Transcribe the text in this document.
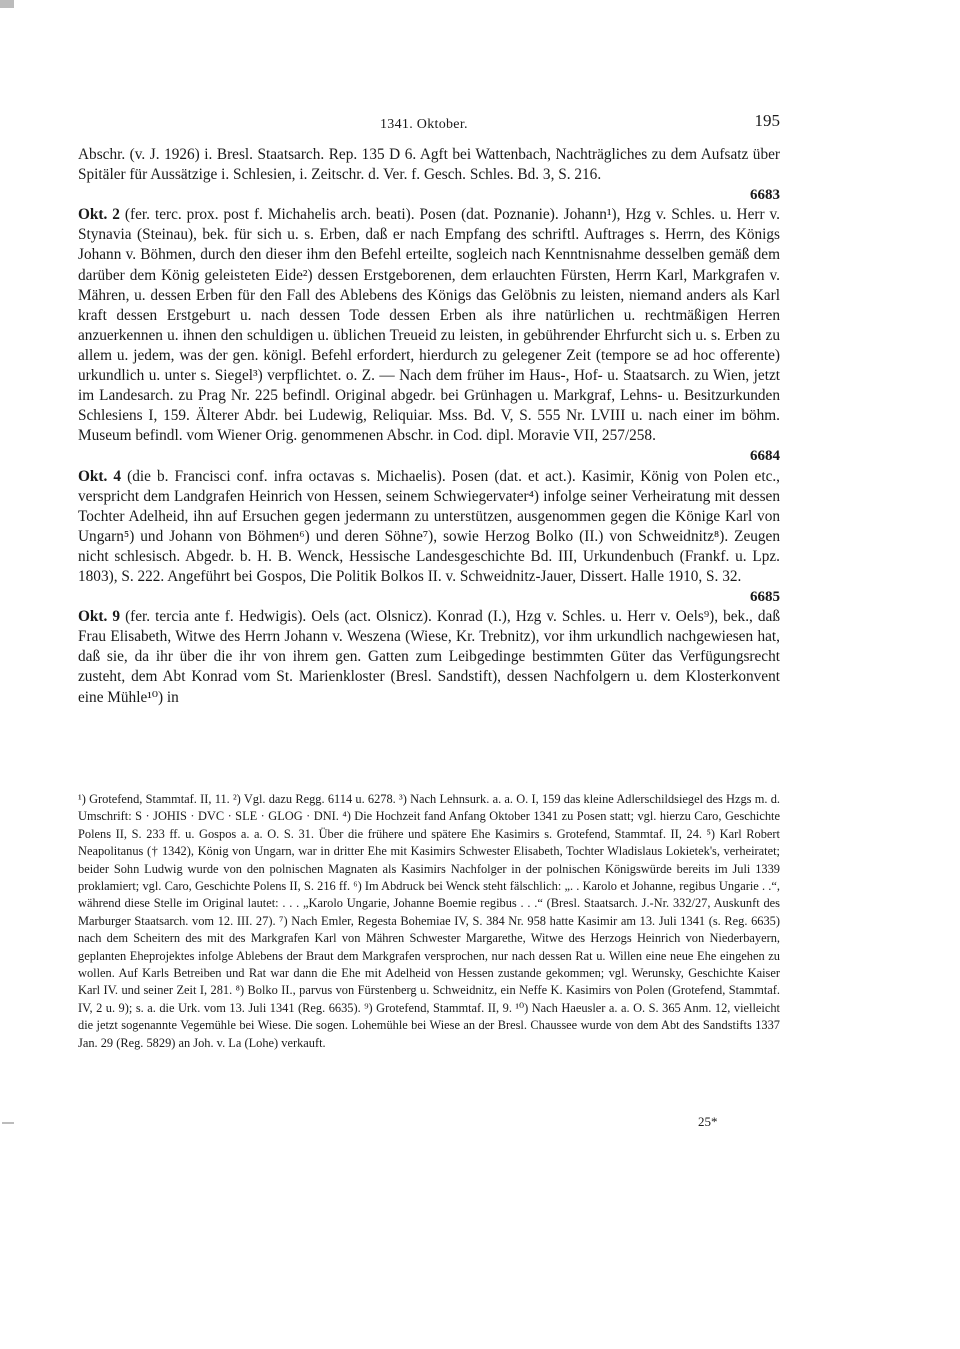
1341. Oktober.	195

Abschr. (v. J. 1926) i. Bresl. Staatsarch. Rep. 135 D 6. Agft bei Wattenbach, Nachträgliches zu dem Aufsatz über Spitäler für Aussätzige i. Schlesien, i. Zeitschr. d. Ver. f. Gesch. Schles. Bd. 3, S. 216.

6683

Okt. 2 (fer. terc. prox. post f. Michahelis arch. beati). Posen (dat. Poznanie). Johann¹), Hzg v. Schles. u. Herr v. Stynavia (Steinau), bek. für sich u. s. Erben, daß er nach Empfang des schriftl. Auftrages s. Herrn, des Königs Johann v. Böhmen, durch den dieser ihm den Befehl erteilte, sogleich nach Kenntnisnahme desselben gemäß dem darüber dem König geleisteten Eide²) dessen Erstgeborenen, dem erlauchten Fürsten, Herrn Karl, Markgrafen v. Mähren, u. dessen Erben für den Fall des Ablebens des Königs das Gelöbnis zu leisten, niemand anders als Karl kraft dessen Erstgeburt u. nach dessen Tode dessen Erben als ihre natürlichen u. rechtmäßigen Herren anzuerkennen u. ihnen den schuldigen u. üblichen Treueid zu leisten, in gebührender Ehrfurcht sich u. s. Erben zu allem u. jedem, was der gen. königl. Befehl erfordert, hierdurch zu gelegener Zeit (tempore se ad hoc offerente) urkundlich u. unter s. Siegel³) verpflichtet. o. Z. — Nach dem früher im Haus-, Hof- u. Staatsarch. zu Wien, jetzt im Landesarch. zu Prag Nr. 225 befindl. Original abgedr. bei Grünhagen u. Markgraf, Lehns- u. Besitzurkunden Schlesiens I, 159. Älterer Abdr. bei Ludewig, Reliquiar. Mss. Bd. V, S. 555 Nr. LVIII u. nach einer im böhm. Museum befindl. vom Wiener Orig. genommenen Abschr. in Cod. dipl. Moravie VII, 257/258.

6684

Okt. 4 (die b. Francisci conf. infra octavas s. Michaelis). Posen (dat. et act.). Kasimir, König von Polen etc., verspricht dem Landgrafen Heinrich von Hessen, seinem Schwiegervater⁴) infolge seiner Verheiratung mit dessen Tochter Adelheid, ihn auf Ersuchen gegen jedermann zu unterstützen, ausgenommen gegen die Könige Karl von Ungarn⁵) und Johann von Böhmen⁶) und deren Söhne⁷), sowie Herzog Bolko (II.) von Schweidnitz⁸). Zeugen nicht schlesisch. Abgedr. b. H. B. Wenck, Hessische Landesgeschichte Bd. III, Urkundenbuch (Frankf. u. Lpz. 1803), S. 222. Angeführt bei Gospos, Die Politik Bolkos II. v. Schweidnitz-Jauer, Dissert. Halle 1910, S. 32.

6685

Okt. 9 (fer. tercia ante f. Hedwigis). Oels (act. Olsnicz). Konrad (I.), Hzg v. Schles. u. Herr v. Oels⁹), bek., daß Frau Elisabeth, Witwe des Herrn Johann v. Weszena (Wiese, Kr. Trebnitz), vor ihm urkundlich nachgewiesen hat, daß sie, da ihr über die ihr von ihrem gen. Gatten zum Leibgedinge bestimmten Güter das Verfügungsrecht zusteht, dem Abt Konrad vom St. Marienkloster (Bresl. Sandstift), dessen Nachfolgern u. dem Klosterkonvent eine Mühle¹⁰) in

¹) Grotefend, Stammtaf. II, 11. ²) Vgl. dazu Regg. 6114 u. 6278. ³) Nach Lehnsurk. a. a. O. I, 159 das kleine Adlerschildsiegel des Hzgs m. d. Umschrift: S · JOHIS · DVC · SLE · GLOG · DNI. ⁴) Die Hochzeit fand Anfang Oktober 1341 zu Posen statt; vgl. hierzu Caro, Geschichte Polens II, S. 233 ff. u. Gospos a. a. O. S. 31. Über die frühere und spätere Ehe Kasimirs s. Grotefend, Stammtaf. II, 24. ⁵) Karl Robert Neapolitanus († 1342), König von Ungarn, war in dritter Ehe mit Kasimirs Schwester Elisabeth, Tochter Wladislaus Lokietek's, verheiratet; beider Sohn Ludwig wurde von den polnischen Magnaten als Kasimirs Nachfolger in der polnischen Königswürde bereits im Juli 1339 proklamiert; vgl. Caro, Geschichte Polens II, S. 216 ff. ⁶) Im Abdruck bei Wenck steht fälschlich: „. . Karolo et Johanne, regibus Ungarie . .“, während diese Stelle im Original lautet: . . . „Karolo Ungarie, Johanne Boemie regibus . . .“ (Bresl. Staatsarch. J.-Nr. 332/27, Auskunft des Marburger Staatsarch. vom 12. III. 27). ⁷) Nach Emler, Regesta Bohemiae IV, S. 384 Nr. 958 hatte Kasimir am 13. Juli 1341 (s. Reg. 6635) nach dem Scheitern des mit des Markgrafen Karl von Mähren Schwester Margarethe, Witwe des Herzogs Heinrich von Niederbayern, geplanten Eheprojektes infolge Ablebens der Braut dem Markgrafen versprochen, nur nach dessen Rat u. Willen eine neue Ehe eingehen zu wollen. Auf Karls Betreiben und Rat war dann die Ehe mit Adelheid von Hessen zustande gekommen; vgl. Werunsky, Geschichte Kaiser Karl IV. und seiner Zeit I, 281. ⁸) Bolko II., parvus von Fürstenberg u. Schweidnitz, ein Neffe K. Kasimirs von Polen (Grotefend, Stammtaf. IV, 2 u. 9); s. a. die Urk. vom 13. Juli 1341 (Reg. 6635). ⁹) Grotefend, Stammtaf. II, 9. ¹⁰) Nach Haeusler a. a. O. S. 365 Anm. 12, vielleicht die jetzt sogenannte Vegemühle bei Wiese. Die sogen. Lohemühle bei Wiese an der Bresl. Chaussee wurde von dem Abt des Sandstifts 1337 Jan. 29 (Reg. 5829) an Joh. v. La (Lohe) verkauft.

25*
